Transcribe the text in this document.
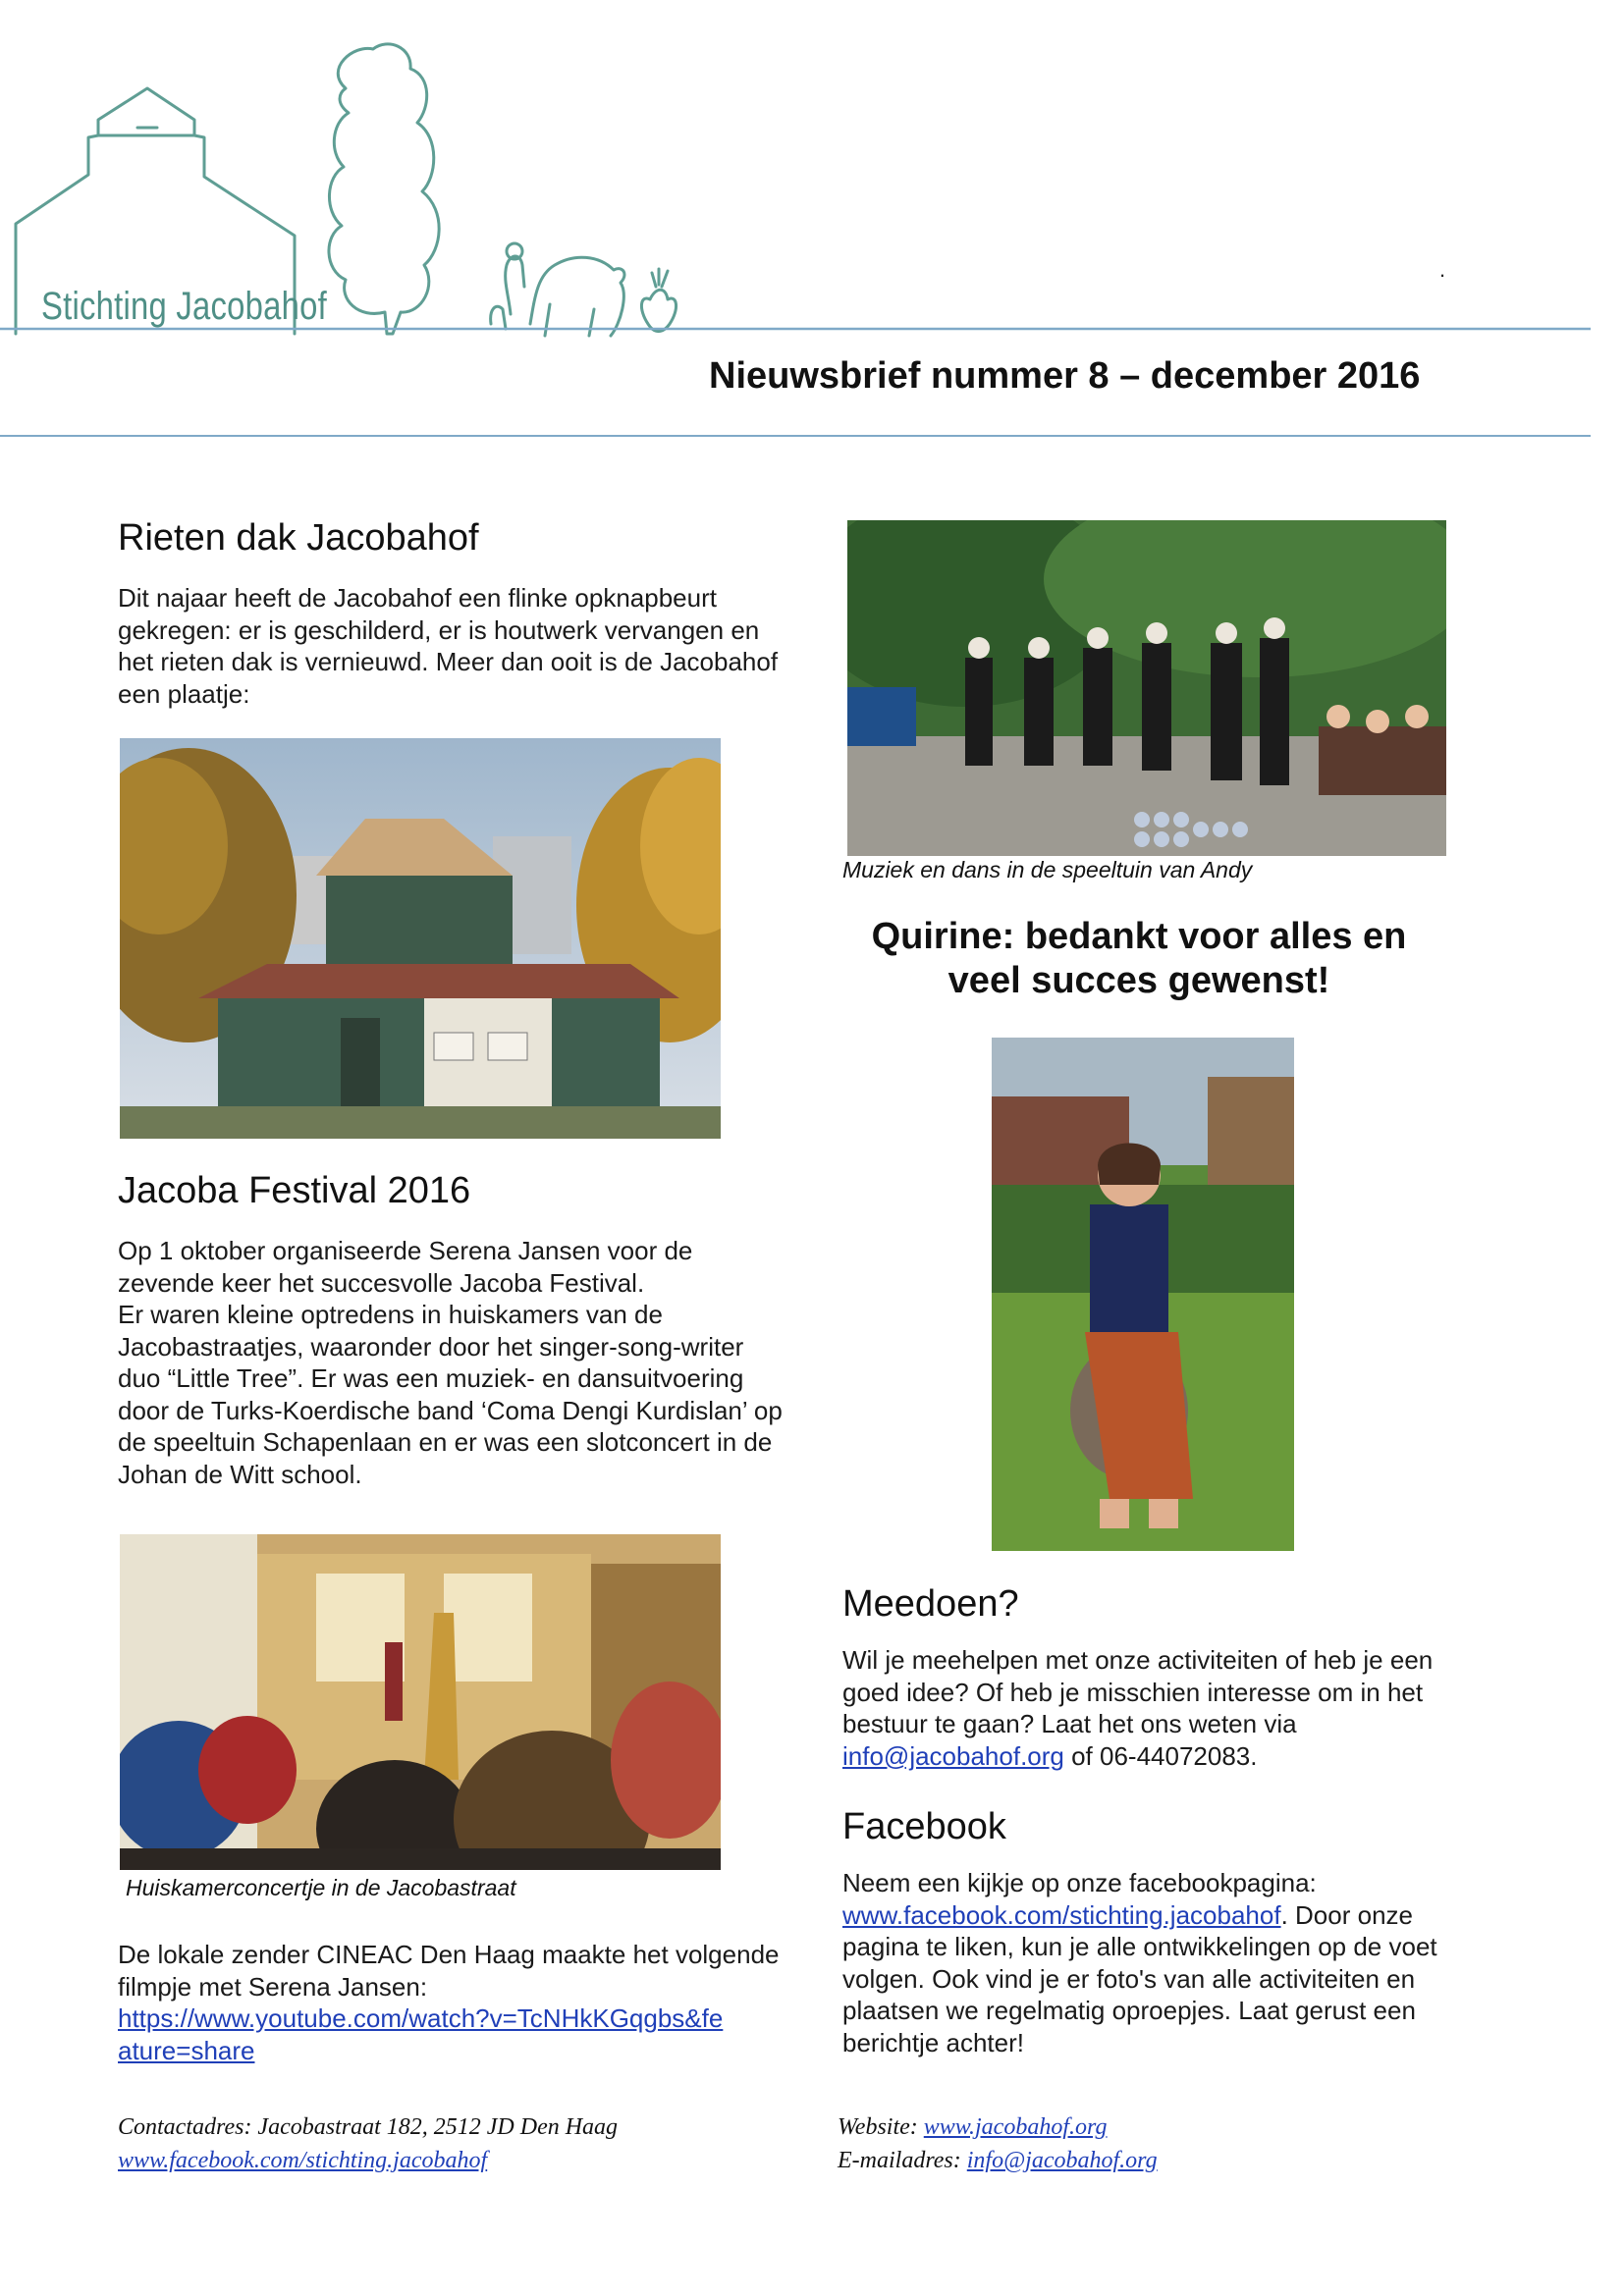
Stichting Jacobahof
.
Nieuwsbrief nummer 8 – december 2016
Rieten dak Jacobahof

Dit najaar heeft de Jacobahof een flinke opknapbeurt gekregen: er is geschilderd, er is houtwerk vervangen en het rieten dak is vernieuwd. Meer dan ooit is de Jacobahof een plaatje:

Jacoba Festival 2016

Op 1 oktober organiseerde Serena Jansen voor de zevende keer het succesvolle Jacoba Festival.

Er waren kleine optredens in huiskamers van de Jacobastraatjes, waaronder door het singer-song-writer duo “Little Tree”. Er was een muziek- en dansuitvoering door de Turks-Koerdische band ‘Coma Dengi Kurdislan’ op de speeltuin Schapenlaan en er was een slotconcert in de Johan de Witt school.

Huiskamerconcertje in de Jacobastraat

De lokale zender CINEAC Den Haag maakte het volgende filmpje met Serena Jansen:

https://www.youtube.com/watch?v=TcNHkKGqgbs&fe

ature=share

Muziek en dans in de speeltuin van Andy
Quirine: bedankt voor alles en
veel succes gewenst!
Meedoen?
Wil je meehelpen met onze activiteiten of heb je een goed idee? Of heb je misschien interesse om in het bestuur te gaan? Laat het ons weten via info@jacobahof.org of 06-44072083.
Facebook

Neem een kijkje op onze facebookpagina:

www.facebook.com/stichting.jacobahof. Door onze pagina te liken, kun je alle ontwikkelingen op de voet volgen. Ook vind je er foto's van alle activiteiten en plaatsen we regelmatig oproepjes. Laat gerust een berichtje achter!
Contactadres: Jacobastraat 182, 2512 JD Den Haag
www.facebook.com/stichting.jacobahof
Website: www.jacobahof.org
E-mailadres: info@jacobahof.org
